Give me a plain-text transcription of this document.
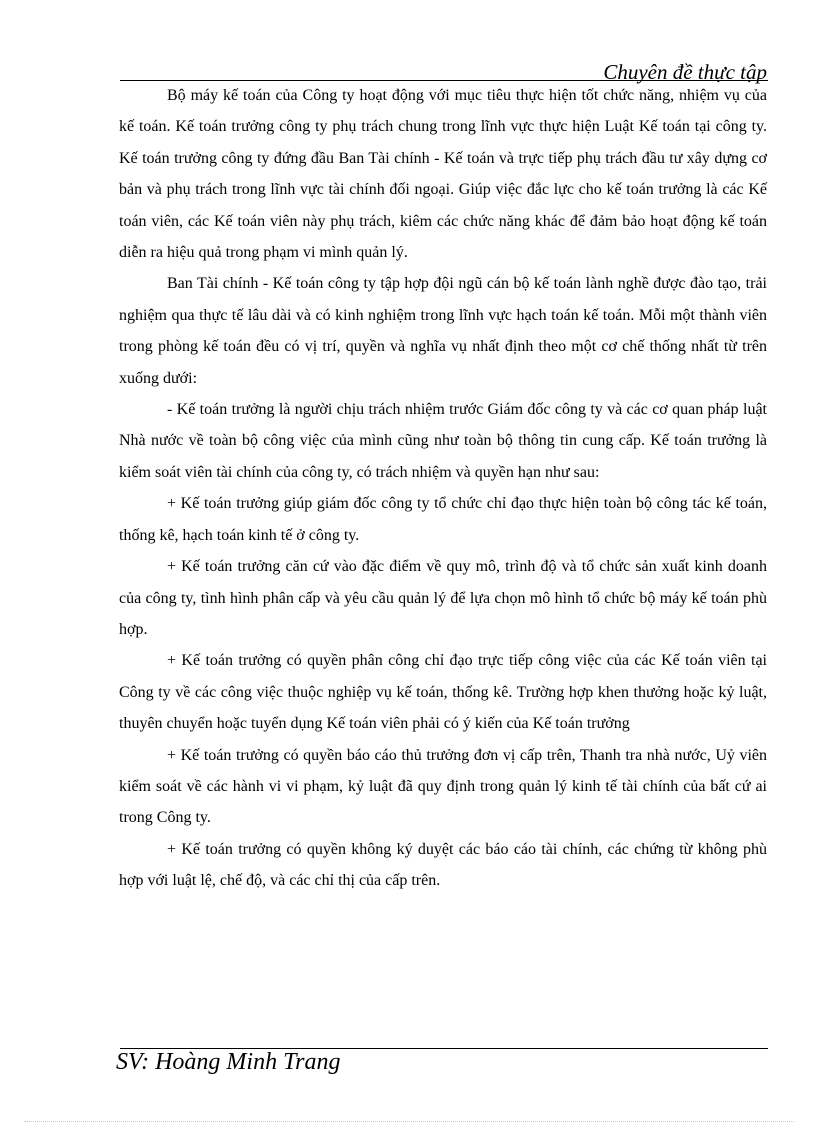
Chuyên đề thực tập

Bộ máy kế toán của Công ty hoạt động với mục tiêu thực hiện tốt chức năng, nhiệm vụ của kế toán. Kế toán trưởng công ty phụ trách chung trong lĩnh vực thực hiện Luật Kế toán tại công ty. Kế toán trưởng công ty đứng đầu Ban Tài chính - Kế toán và trực tiếp phụ trách đầu tư xây dựng cơ bản và phụ trách trong lĩnh vực tài chính đối ngoại. Giúp việc đắc lực cho kế toán trưởng là các Kế toán viên, các Kế toán viên này phụ trách, kiêm các chức năng khác để đảm bảo hoạt động kế toán diễn ra hiệu quả trong phạm vi mình quản lý.

Ban Tài chính - Kế toán công ty tập hợp đội ngũ cán bộ kế toán lành nghề được đào tạo, trải nghiệm qua thực tế lâu dài và có kinh nghiệm trong lĩnh vực hạch toán kế toán. Mỗi một thành viên trong phòng kế toán đều có vị trí, quyền và nghĩa vụ nhất định theo một cơ chế thống nhất từ trên xuống dưới:

- Kế toán trưởng là người chịu trách nhiệm trước Giám đốc công ty và các cơ quan pháp luật Nhà nước về toàn bộ công việc của mình cũng như toàn bộ thông tin cung cấp. Kế toán trưởng là kiểm soát viên tài chính của công ty, có trách nhiệm và quyền hạn như sau:

+ Kế toán trưởng giúp giám đốc công ty tổ chức chỉ đạo thực hiện toàn bộ công tác kế toán, thống kê, hạch toán kinh tế ở công ty.

+ Kế toán trưởng căn cứ vào đặc điểm về quy mô, trình độ và tổ chức sản xuất kinh doanh của công ty, tình hình phân cấp và yêu cầu quản lý để lựa chọn mô hình tổ chức bộ máy kế toán phù hợp.

+ Kế toán trưởng có quyền phân công chỉ đạo trực tiếp công việc của các Kế toán viên tại Công ty về các công việc thuộc nghiệp vụ kế toán, thống kê. Trường hợp khen thưởng hoặc kỷ luật, thuyên chuyển hoặc tuyển dụng Kế toán viên phải có ý kiến của Kế toán trưởng

+ Kế toán trưởng có quyền báo cáo thủ trưởng đơn vị cấp trên, Thanh tra nhà nước, Uỷ viên kiểm soát về các hành vi vi phạm, kỷ luật đã quy định trong quản lý kinh tế tài chính của bất cứ ai trong Công ty.

+ Kế toán trưởng có quyền không ký duyệt các báo cáo tài chính, các chứng từ không phù hợp với luật lệ, chế độ, và các chỉ thị của cấp trên.

SV: Hoàng Minh Trang
